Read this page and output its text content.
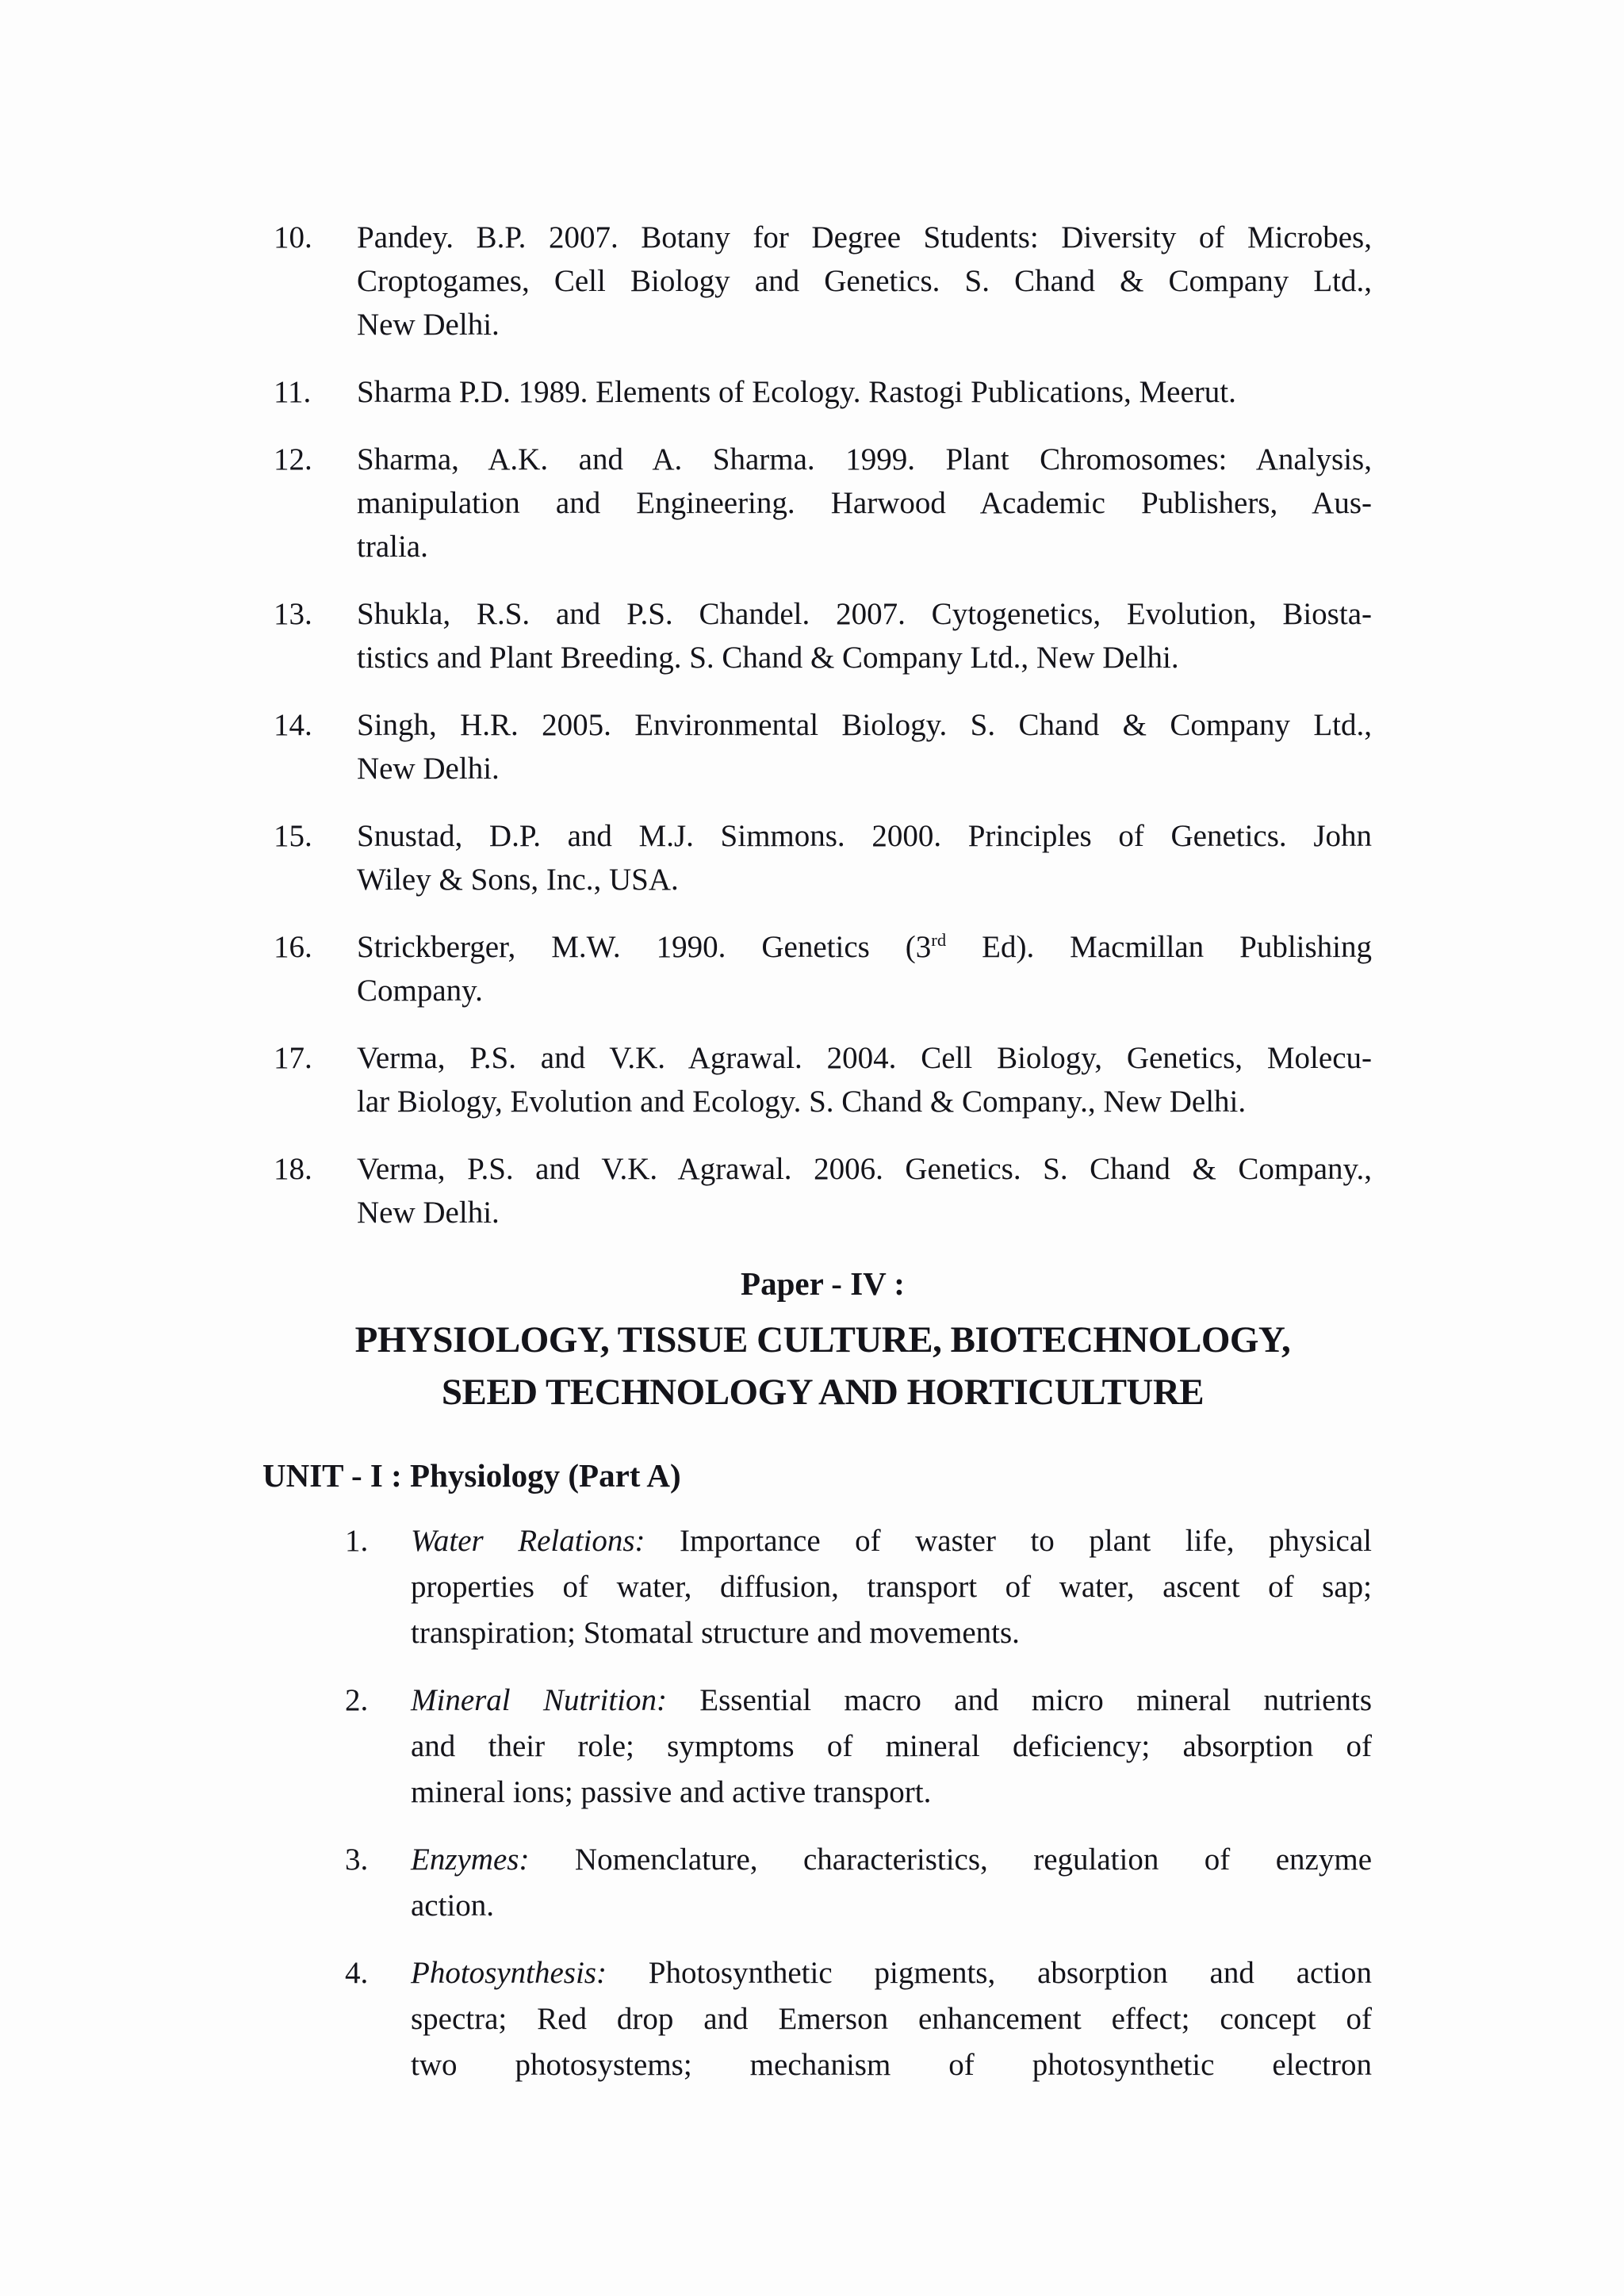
10.	Pandey. B.P. 2007. Botany for Degree Students: Diversity of Microbes,
Croptogames, Cell Biology and Genetics. S. Chand & Company Ltd.,
New Delhi.
11.	Sharma P.D. 1989. Elements of Ecology. Rastogi Publications, Meerut.
12.	Sharma, A.K. and A. Sharma. 1999. Plant Chromosomes: Analysis,
manipulation and Engineering. Harwood Academic Publishers, Aus-
tralia.
13.	Shukla, R.S. and P.S. Chandel. 2007. Cytogenetics, Evolution, Biosta-
tistics and Plant Breeding. S. Chand & Company Ltd., New Delhi.
14.	Singh, H.R. 2005. Environmental Biology. S. Chand & Company Ltd.,
New Delhi.
15.	Snustad, D.P. and M.J. Simmons. 2000. Principles of Genetics. John
Wiley & Sons, Inc., USA.
16.	Strickberger, M.W. 1990. Genetics (3rd Ed). Macmillan Publishing
Company.
17.	Verma, P.S. and V.K. Agrawal. 2004. Cell Biology, Genetics, Molecu-
lar Biology, Evolution and Ecology. S. Chand & Company., New Delhi.
18.	Verma, P.S. and V.K. Agrawal. 2006. Genetics. S. Chand & Company.,
New Delhi.
Paper - IV :
PHYSIOLOGY, TISSUE CULTURE, BIOTECHNOLOGY,
SEED TECHNOLOGY AND HORTICULTURE
UNIT - I : Physiology (Part A)
1.	Water Relations: Importance of waster to plant life, physical
properties of water, diffusion, transport of water, ascent of sap;
transpiration; Stomatal structure and movements.
2.	Mineral Nutrition: Essential macro and micro mineral nutrients
and their role; symptoms of mineral deficiency; absorption of
mineral ions; passive and active transport.
3.	Enzymes: Nomenclature, characteristics, regulation of enzyme
action.
4.	Photosynthesis: Photosynthetic pigments, absorption and action
spectra; Red drop and Emerson enhancement effect; concept of
two photosystems; mechanism of photosynthetic electron
